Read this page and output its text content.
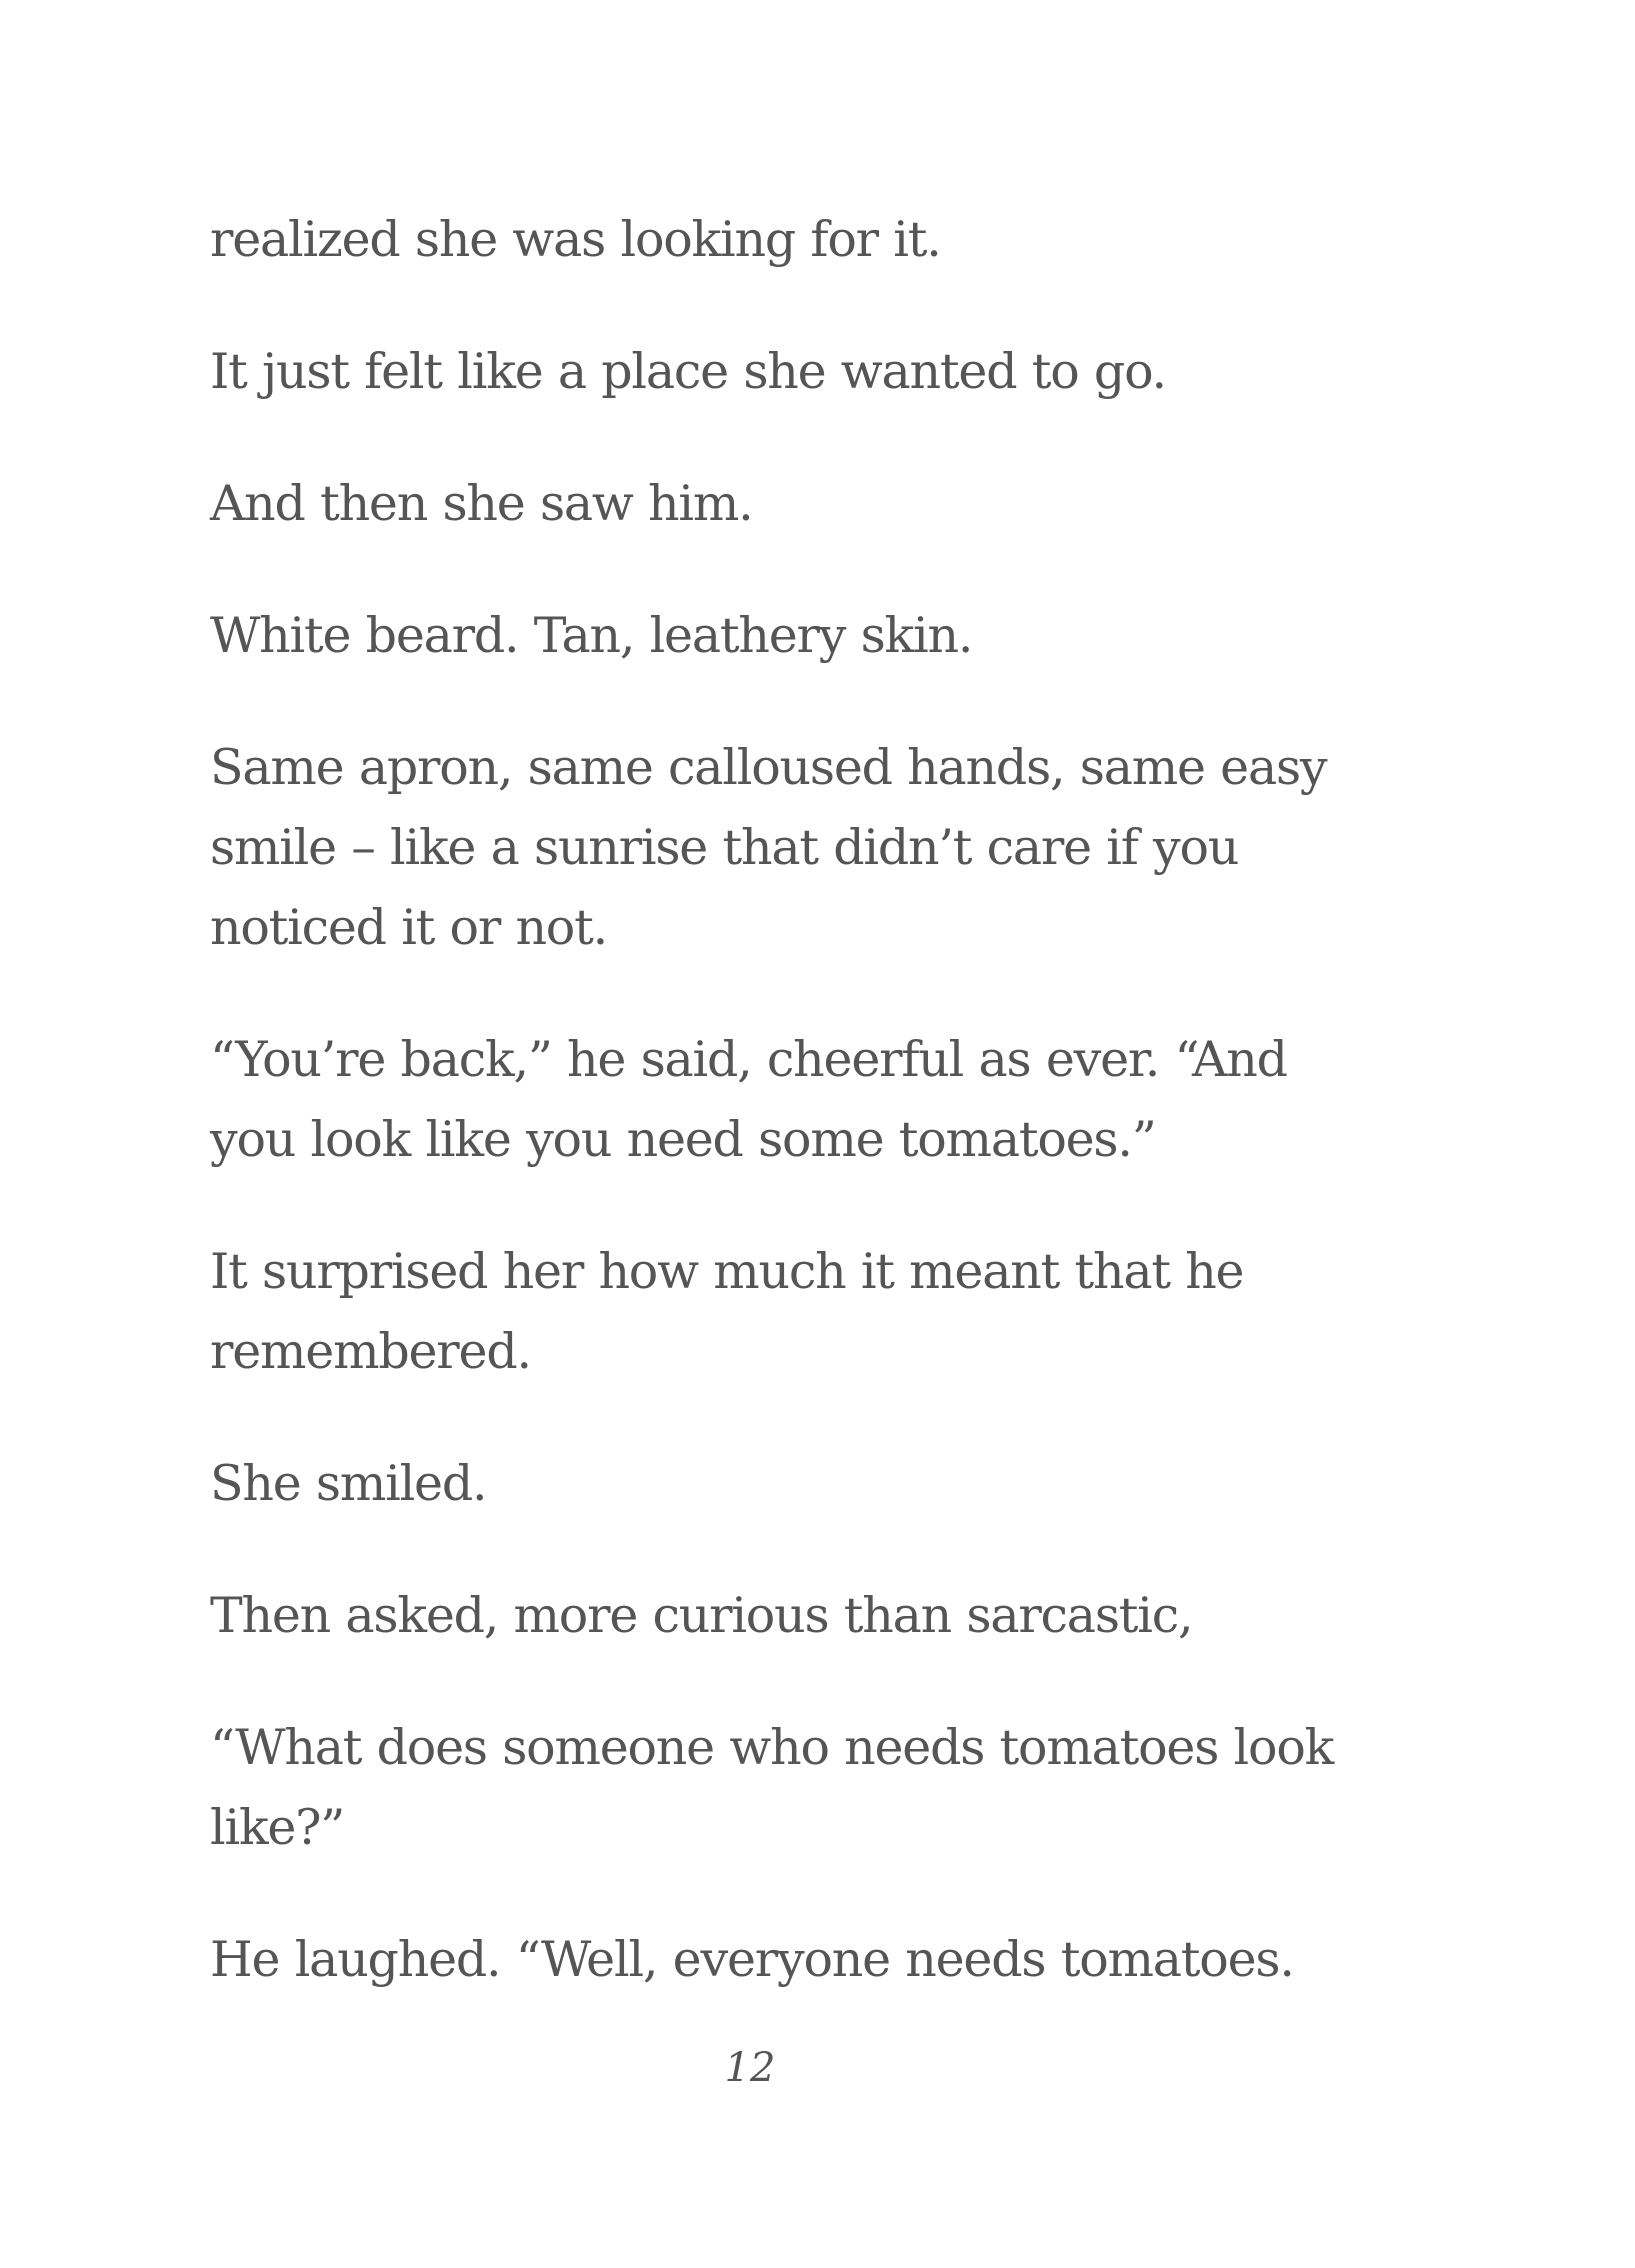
realized she was looking for it.

It just felt like a place she wanted to go.

And then she saw him.

White beard. Tan, leathery skin.

Same apron, same calloused hands, same easy smile – like a sunrise that didn’t care if you noticed it or not.

“You’re back,” he said, cheerful as ever. “And you look like you need some tomatoes.”

It surprised her how much it meant that he remembered.

She smiled.

Then asked, more curious than sarcastic,

“What does someone who needs tomatoes look like?”

He laughed. “Well, everyone needs tomatoes.

12
